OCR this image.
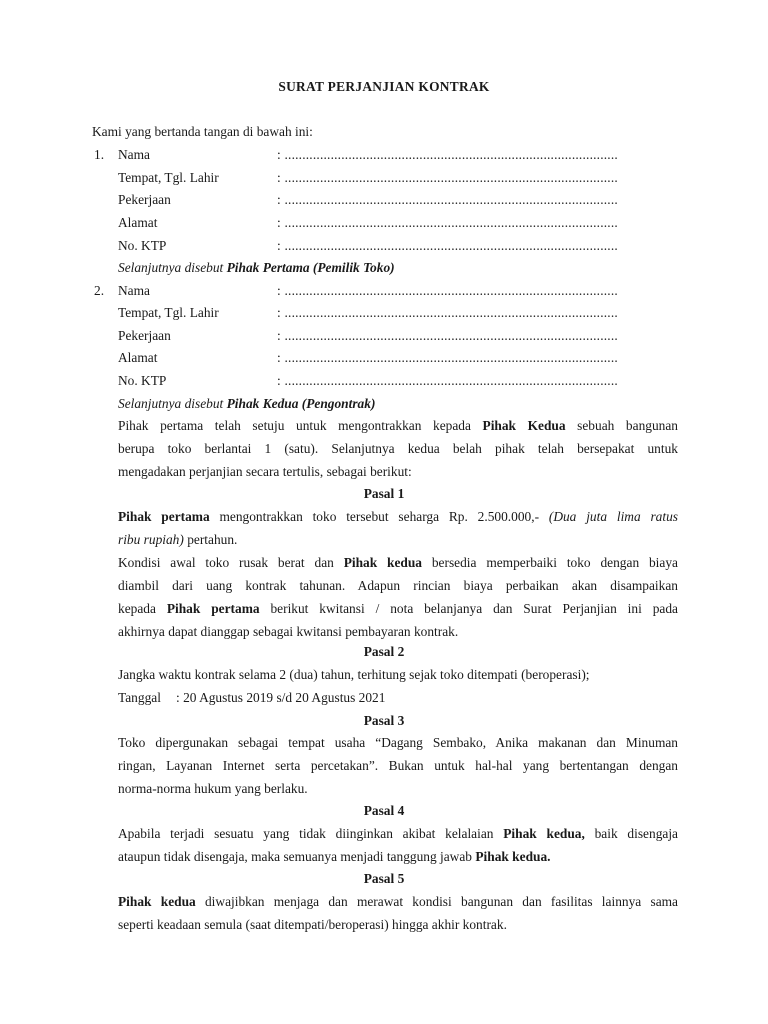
SURAT PERJANJIAN KONTRAK
Kami yang bertanda tangan di bawah ini:
1. Nama	: ..............................................................................................
Tempat, Tgl. Lahir	: ..............................................................................................
Pekerjaan	: ..............................................................................................
Alamat	: ..............................................................................................
No. KTP	: ..............................................................................................
Selanjutnya disebut Pihak Pertama (Pemilik Toko)
2. Nama	: ..............................................................................................
Tempat, Tgl. Lahir	: ..............................................................................................
Pekerjaan	: ..............................................................................................
Alamat	: ..............................................................................................
No. KTP	: ..............................................................................................
Selanjutnya disebut Pihak Kedua (Pengontrak)
Pihak pertama telah setuju untuk mengontrakkan kepada Pihak Kedua sebuah bangunan
berupa toko berlantai 1 (satu). Selanjutnya kedua belah pihak telah bersepakat untuk
mengadakan perjanjian secara tertulis, sebagai berikut:
Pasal 1
Pihak pertama mengontrakkan toko tersebut seharga Rp. 2.500.000,- (Dua juta lima ratus
ribu rupiah) pertahun.
Kondisi awal toko rusak berat dan Pihak kedua bersedia memperbaiki toko dengan biaya
diambil dari uang kontrak tahunan. Adapun rincian biaya perbaikan akan disampaikan
kepada Pihak pertama berikut kwitansi / nota belanjanya dan Surat Perjanjian ini pada
akhirnya dapat dianggap sebagai kwitansi pembayaran kontrak.
Pasal 2
Jangka waktu kontrak selama 2 (dua) tahun, terhitung sejak toko ditempati (beroperasi);
Tanggal : 20 Agustus 2019 s/d 20 Agustus 2021
Pasal 3
Toko dipergunakan sebagai tempat usaha “Dagang Sembako, Anika makanan dan Minuman
ringan, Layanan Internet serta percetakan”. Bukan untuk hal-hal yang bertentangan dengan
norma-norma hukum yang berlaku.
Pasal 4
Apabila terjadi sesuatu yang tidak diinginkan akibat kelalaian Pihak kedua, baik disengaja
ataupun tidak disengaja, maka semuanya menjadi tanggung jawab Pihak kedua.
Pasal 5
Pihak kedua diwajibkan menjaga dan merawat kondisi bangunan dan fasilitas lainnya sama
seperti keadaan semula (saat ditempati/beroperasi) hingga akhir kontrak.
